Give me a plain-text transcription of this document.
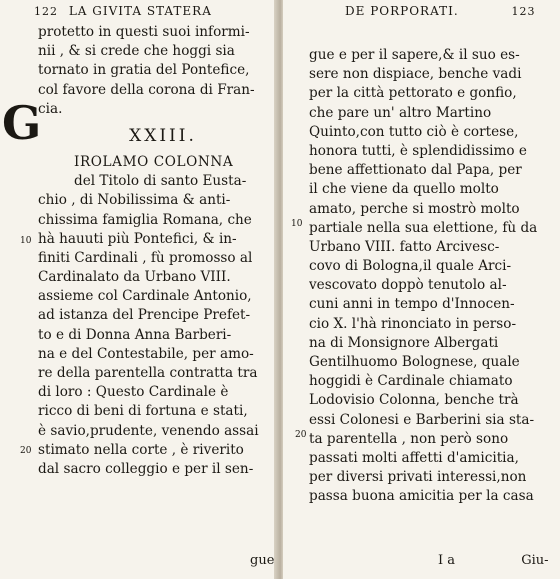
122 LA GIVITA STATERA
G
protetto in questi suoi informi-
nii , & si crede che hoggi sia
tornato in gratia del Pontefice,
col favore della corona di Fran-
cia.
XXIII.
IROLAMO COLONNA
del Titolo di santo Eusta-
chio , di Nobilissima & anti-
chissima famiglia Romana, che
hà hauuti più Pontefici, & in-
finiti Cardinali , fù promosso al
Cardinalato da Urbano VIII.
assieme col Cardinale Antonio,
ad istanza del Prencipe Prefet-
to e di Donna Anna Barberi-
na e del Contestabile, per amo-
re della parentella contratta tra
di loro : Questo Cardinale è
ricco di beni di fortuna e stati,
è savio,prudente, venendo assai
stimato nella corte , è riverito
dal sacro colleggio e per il sen-
10
20
gue
DE PORPORATI.	123
gue e per il sapere,& il suo es-
sere non dispiace, benche vadi
per la città pettorato e gonfio,
che pare un' altro Martino
Quinto,con tutto ciò è cortese,
honora tutti, è splendidissimo e
bene affettionato dal Papa, per
il che viene da quello molto
amato, perche si mostrò molto
partiale nella sua elettione, fù da
Urbano VIII. fatto Arcivesc-
covo di Bologna,il quale Arci-
vescovato doppò tenutolo al-
cuni anni in tempo d'Innocen-
cio X. l'hà rinonciato in perso-
na di Monsignore Albergati
Gentilhuomo Bolognese, quale
hoggidi è Cardinale chiamato
Lodovisio Colonna, benche trà
essi Colonesi e Barberini sia sta-
ta parentella , non però sono
passati molti affetti d'amicitia,
per diversi privati interessi,non
passa buona amicitia per la casa
10
20
I a	Giu-
